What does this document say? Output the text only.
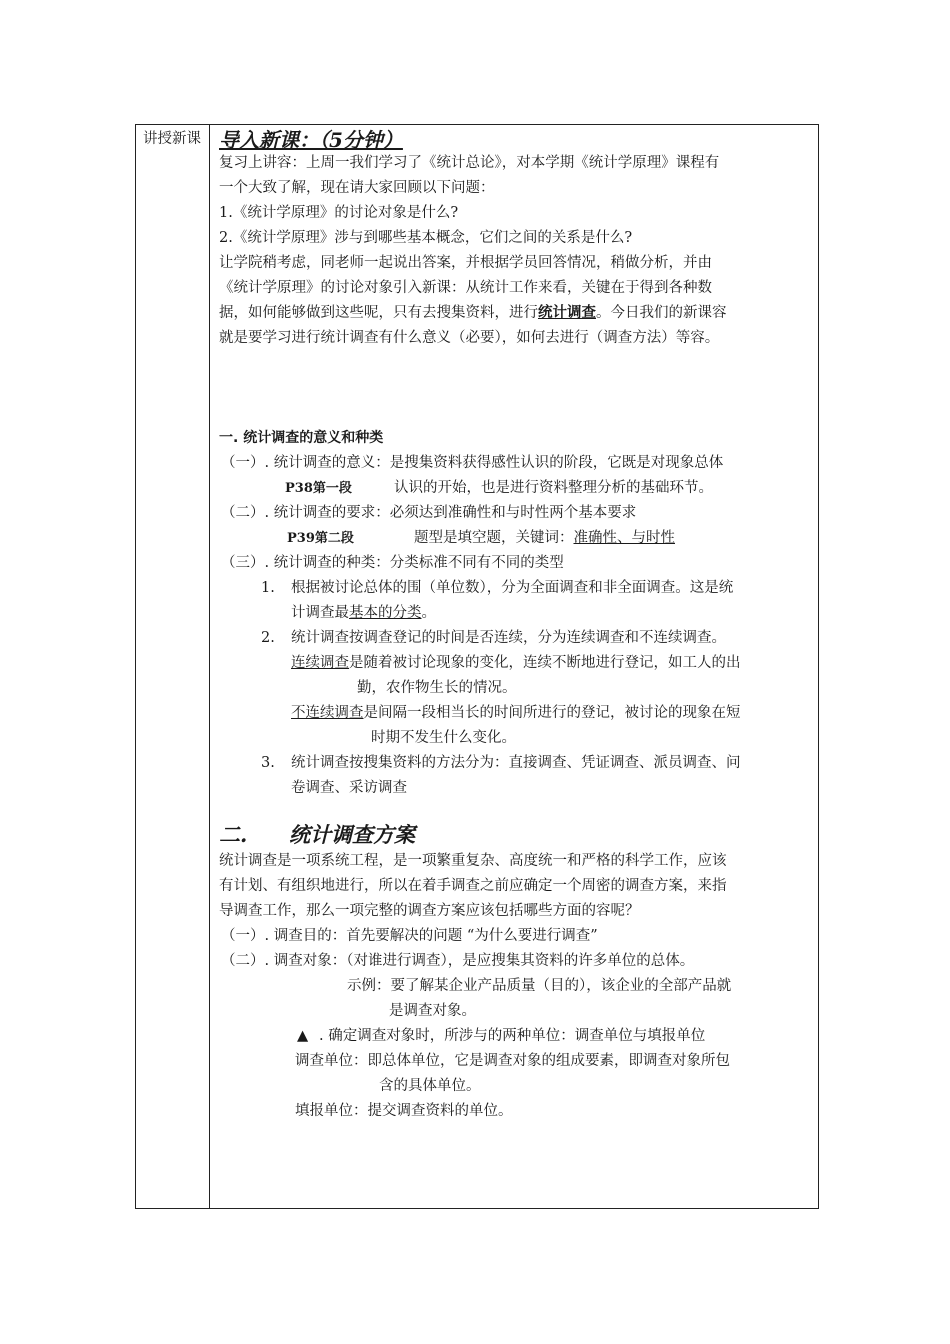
讲授新课 导入新课：（5分钟）
复习上讲容：上周一我们学习了《统计总论》，对本学期《统计学原理》课程有
一个大致了解，现在请大家回顾以下问题：
1.《统计学原理》的讨论对象是什么?
2.《统计学原理》涉与到哪些基本概念，它们之间的关系是什么?
让学院稍考虑，同老师一起说出答案，并根据学员回答情况，稍做分析，并由
《统计学原理》的讨论对象引入新课：从统计工作来看，关键在于得到各种数
据，如何能够做到这些呢，只有去搜集资料，进行统计调查。今日我们的新课容
就是要学习进行统计调查有什么意义（必要），如何去进行（调查方法）等容。
一. 统计调查的意义和种类
（一）. 统计调查的意义：是搜集资料获得感性认识的阶段，它既是对现象总体
P38第一段	认识的开始，也是进行资料整理分析的基础环节。
（二）. 统计调查的要求：必须达到准确性和与时性两个基本要求
P39第二段	题型是填空题，关键词：准确性、与时性
（三）. 统计调查的种类：分类标准不同有不同的类型
1. 根据被讨论总体的围（单位数），分为全面调查和非全面调查。这是统
计调查最基本的分类。
2. 统计调查按调查登记的时间是否连续，分为连续调查和不连续调查。
连续调查是随着被讨论现象的变化，连续不断地进行登记，如工人的出
勤，农作物生长的情况。
不连续调查是间隔一段相当长的时间所进行的登记，被讨论的现象在短
时期不发生什么变化。
3. 统计调查按搜集资料的方法分为：直接调查、凭证调查、派员调查、问
卷调查、采访调查
二. 统计调查方案
统计调查是一项系统工程，是一项繁重复杂、高度统一和严格的科学工作，应该
有计划、有组织地进行，所以在着手调查之前应确定一个周密的调查方案，来指
导调查工作，那么一项完整的调查方案应该包括哪些方面的容呢？
（一）. 调查目的：首先要解决的问题 “为什么要进行调查”
（二）. 调查对象：（对谁进行调查），是应搜集其资料的许多单位的总体。
示例：要了解某企业产品质量（目的），该企业的全部产品就
是调查对象。
▲ . 确定调查对象时，所涉与的两种单位：调查单位与填报单位
调查单位：即总体单位，它是调查对象的组成要素，即调查对象所包
含的具体单位。
填报单位：提交调查资料的单位。
